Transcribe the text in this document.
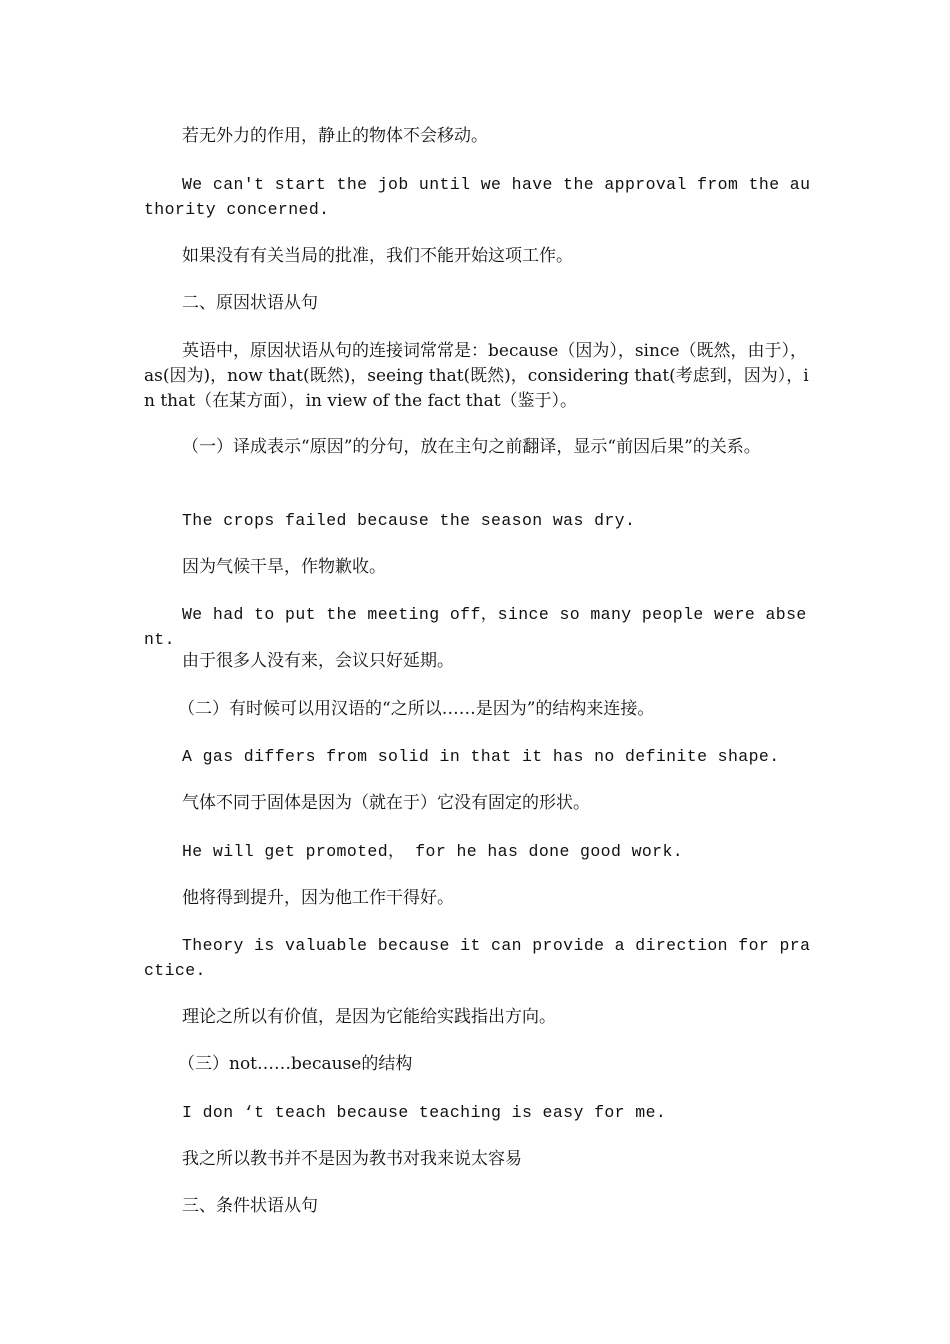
若无外力的作用，静止的物体不会移动。

We can't start the job until we have the approval from the authority concerned.

如果没有有关当局的批准，我们不能开始这项工作。

二、原因状语从句

英语中，原因状语从句的连接词常常是：because（因为），since（既然，由于），as(因为)，now that(既然)，seeing that(既然)，considering that(考虑到，因为），in that（在某方面），in view of the fact that（鉴于）。

（一）译成表示“原因”的分句，放在主句之前翻译，显示“前因后果”的关系。

The crops failed because the season was dry.

因为气候干旱，作物歉收。

We had to put the meeting off，since so many people were absent.

由于很多人没有来，会议只好延期。

（二）有时候可以用汉语的“之所以……是因为”的结构来连接。

A gas differs from solid in that it has no definite shape.

气体不同于固体是因为（就在于）它没有固定的形状。

He will get promoted， for he has done good work.

他将得到提升，因为他工作干得好。

Theory is valuable because it can provide a direction for practice.

理论之所以有价值，是因为它能给实践指出方向。

（三）not……because的结构

I don ‘t teach because teaching is easy for me.

我之所以教书并不是因为教书对我来说太容易

三、条件状语从句
